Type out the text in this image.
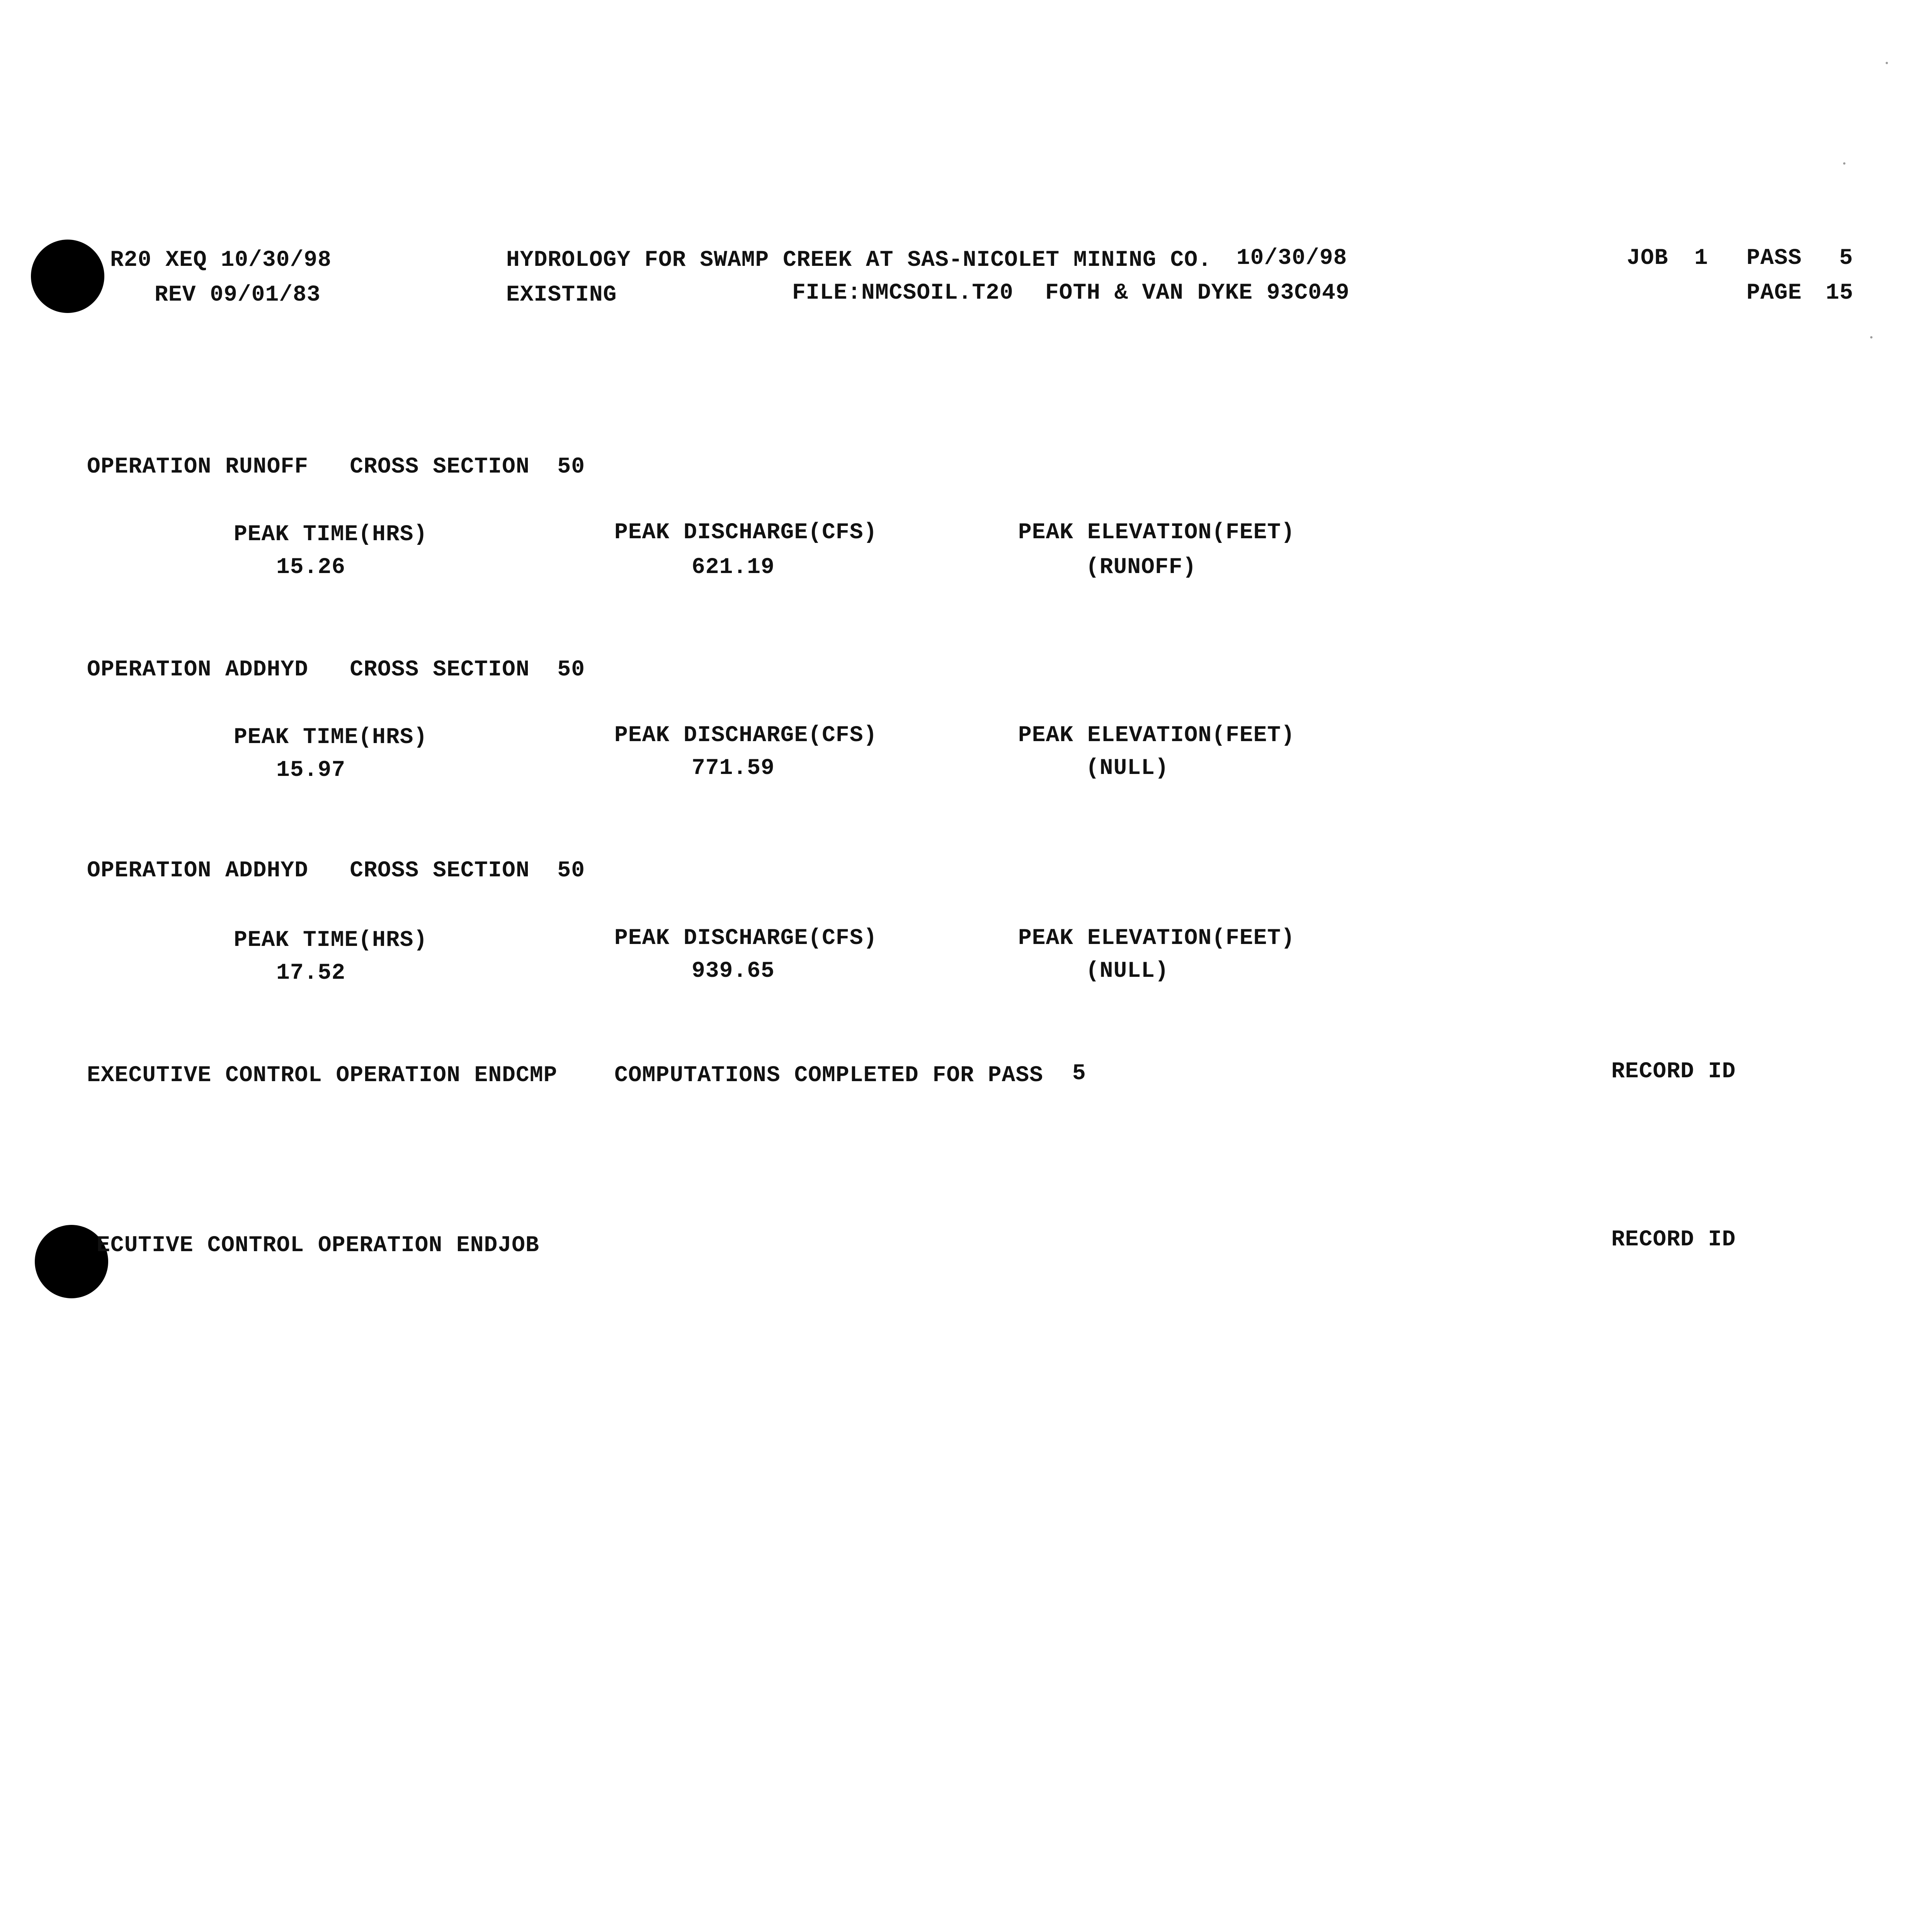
R20 XEQ 10/30/98	HYDROLOGY FOR SWAMP CREEK AT SAS-NICOLET MINING CO. 10/30/98	JOB 1 PASS 5
REV 09/01/83	EXISTING	FILE:NMCSOIL.T20 FOTH & VAN DYKE 93C049	PAGE 15
OPERATION RUNOFF   CROSS SECTION  50
PEAK TIME(HRS)	PEAK DISCHARGE(CFS)	PEAK ELEVATION(FEET)
15.26	621.19	(RUNOFF)
OPERATION ADDHYD   CROSS SECTION  50
PEAK TIME(HRS)	PEAK DISCHARGE(CFS)	PEAK ELEVATION(FEET)
15.97	771.59	(NULL)
OPERATION ADDHYD   CROSS SECTION  50
PEAK TIME(HRS)	PEAK DISCHARGE(CFS)	PEAK ELEVATION(FEET)
17.52	939.65	(NULL)
EXECUTIVE CONTROL OPERATION ENDCMP	COMPUTATIONS COMPLETED FOR PASS 5	RECORD ID
ECUTIVE CONTROL OPERATION ENDJOB	RECORD ID
